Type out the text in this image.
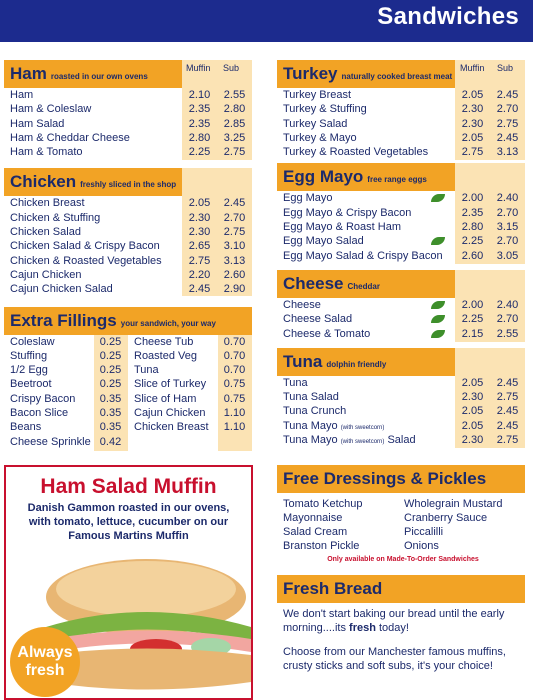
Sandwiches
Ham roasted in our own ovens
Muffin Sub
Ham	2.10	2.55
Ham & Coleslaw	2.35	2.80
Ham Salad	2.35	2.85
Ham & Cheddar Cheese	2.80	3.25
Ham & Tomato	2.25	2.75
Chicken freshly sliced in the shop
Chicken Breast	2.05	2.45
Chicken & Stuffing	2.30	2.70
Chicken Salad	2.30	2.75
Chicken Salad & Crispy Bacon	2.65	3.10
Chicken & Roasted Vegetables	2.75	3.13
Cajun Chicken	2.20	2.60
Cajun Chicken Salad	2.45	2.90
Extra Fillings your sandwich, your way
Coleslaw	0.25
Stuffing	0.25
1/2 Egg	0.25
Beetroot	0.25
Crispy Bacon	0.35
Bacon Slice	0.35
Beans	0.35
Cheese Sprinkle 0.42
Cheese Tub	0.70
Roasted Veg	0.70
Tuna	0.70
Slice of Turkey	0.75
Slice of Ham	0.75
Cajun Chicken	1.10
Chicken Breast	1.10
Turkey naturally cooked breast meat
Muffin Sub
Turkey Breast	2.05	2.45
Turkey & Stuffing	2.30	2.70
Turkey Salad	2.30	2.75
Turkey & Mayo	2.05	2.45
Turkey & Roasted Vegetables	2.75	3.13
Egg Mayo free range eggs
Egg Mayo	2.00	2.40
Egg Mayo & Crispy Bacon	2.35	2.70
Egg Mayo & Roast Ham	2.80	3.15
Egg Mayo Salad	2.25	2.70
Egg Mayo Salad & Crispy Bacon	2.60	3.05
Cheese Cheddar
Cheese	2.00	2.40
Cheese Salad	2.25	2.70
Cheese & Tomato	2.15	2.55
Tuna dolphin friendly
Tuna	2.05	2.45
Tuna Salad	2.30	2.75
Tuna Crunch	2.05	2.45
Tuna Mayo (with sweetcorn)	2.05	2.45
Tuna Mayo (with sweetcorn) Salad	2.30	2.75
Ham Salad Muffin
Danish Gammon roasted in our ovens,
with tomato, lettuce, cucumber on our
Famous Martins Muffin
Always
fresh
Free Dressings & Pickles
Tomato Ketchup	Wholegrain Mustard
Mayonnaise	Cranberry Sauce
Salad Cream	Piccalilli
Branston Pickle	Onions
Only available on Made-To-Order Sandwiches
Fresh Bread

We don't start baking our bread until the early morning....its fresh today!

Choose from our Manchester famous muffins, crusty sticks and soft subs, it's your choice!
